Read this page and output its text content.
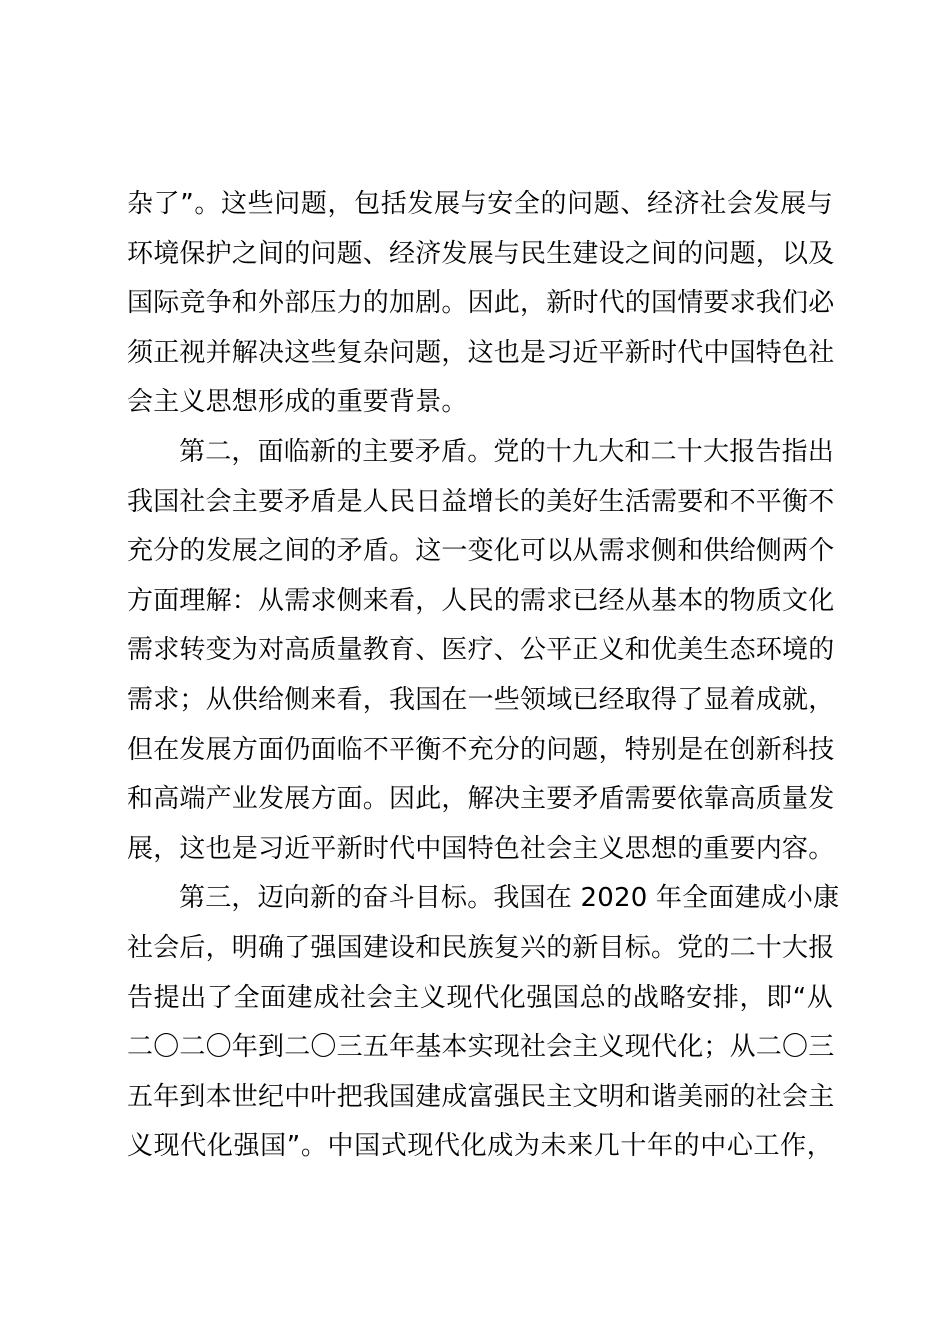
杂了”。这些问题，包括发展与安全的问题、经济社会发展与
环境保护之间的问题、经济发展与民生建设之间的问题，以及
国际竞争和外部压力的加剧。因此，新时代的国情要求我们必
须正视并解决这些复杂问题，这也是习近平新时代中国特色社
会主义思想形成的重要背景。
第二，面临新的主要矛盾。党的十九大和二十大报告指出
我国社会主要矛盾是人民日益增长的美好生活需要和不平衡不
充分的发展之间的矛盾。这一变化可以从需求侧和供给侧两个
方面理解：从需求侧来看，人民的需求已经从基本的物质文化
需求转变为对高质量教育、医疗、公平正义和优美生态环境的
需求；从供给侧来看，我国在一些领域已经取得了显着成就，
但在发展方面仍面临不平衡不充分的问题，特别是在创新科技
和高端产业发展方面。因此，解决主要矛盾需要依靠高质量发
展，这也是习近平新时代中国特色社会主义思想的重要内容。
第三，迈向新的奋斗目标。我国在 2020 年全面建成小康
社会后，明确了强国建设和民族复兴的新目标。党的二十大报
告提出了全面建成社会主义现代化强国总的战略安排，即“从
二〇二〇年到二〇三五年基本实现社会主义现代化；从二〇三
五年到本世纪中叶把我国建成富强民主文明和谐美丽的社会主
义现代化强国”。中国式现代化成为未来几十年的中心工作，
